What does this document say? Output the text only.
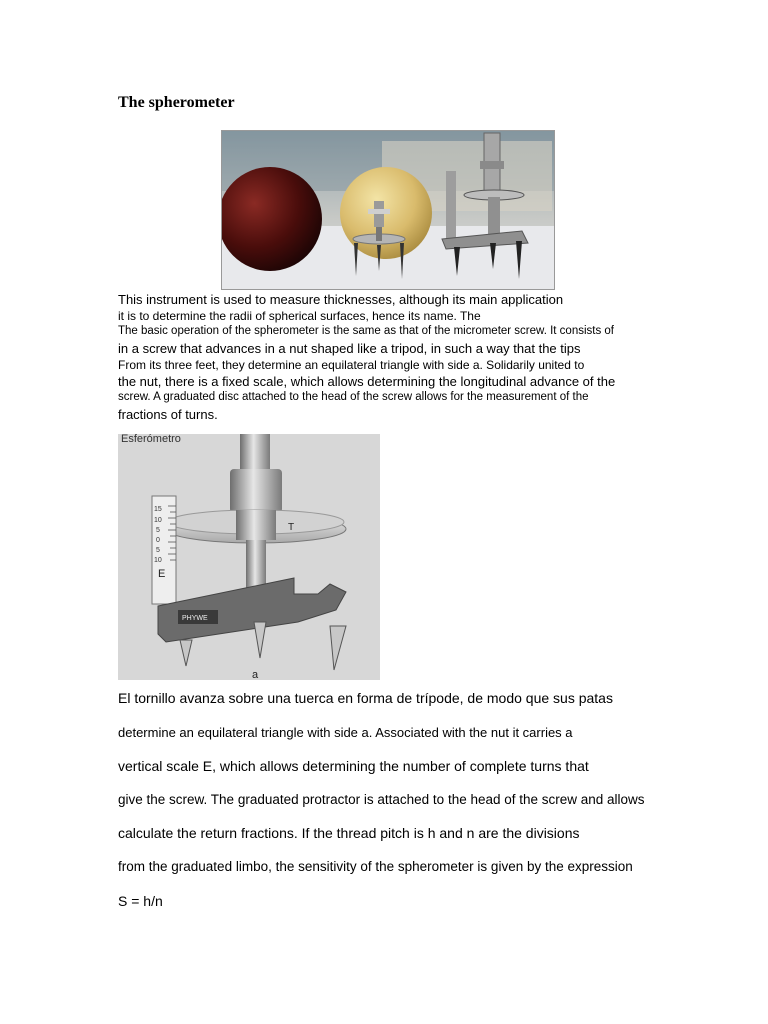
The spherometer
This instrument is used to measure thicknesses, although its main application
it is to determine the radii of spherical surfaces, hence its name. The
The basic operation of the spherometer is the same as that of the micrometer screw. It consists of
in a screw that advances in a nut shaped like a tripod, in such a way that the tips
From its three feet, they determine an equilateral triangle with side a. Solidarily united to
the nut, there is a fixed scale, which allows determining the longitudinal advance of the
screw. A graduated disc attached to the head of the screw allows for the measurement of the
fractions of turns.
Esferómetro
T
15
10
5
0
5
10
E
PHYWE
a
El tornillo avanza sobre una tuerca en forma de trípode, de modo que sus patas
determine an equilateral triangle with side a. Associated with the nut it carries a
vertical scale E, which allows determining the number of complete turns that
give the screw. The graduated protractor is attached to the head of the screw and allows
calculate the return fractions. If the thread pitch is h and n are the divisions
from the graduated limbo, the sensitivity of the spherometer is given by the expression
S = h/n
